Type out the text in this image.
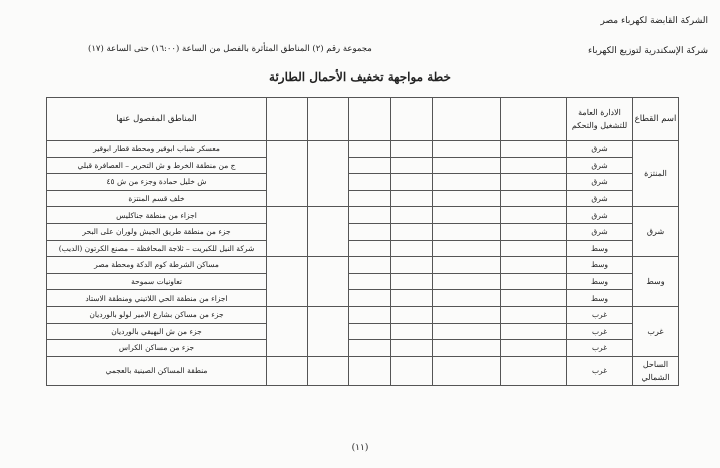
الشركة القابضة لكهرباء مصر
شركة الإسكندرية لتوزيع الكهرباء
مجموعة رقم (٢) المناطق المتأثرة بالفصل من الساعة (١٦:٠٠) حتى الساعة (١٧)
خطة مواجهة تخفيف الأحمال الطارئة
المناطق المفصول عنها							الادارة العامة للتشغيل والتحكم	اسم القطاع
معسكر شباب ابوقير ومحطة قطار ابوقير							شرق	المنتزة
ج من منطقة الخرط و ش التحرير – العصافرة قبلي							شرق	
ش خليل حمادة وجزء من ش ٤٥							شرق	
خلف قسم المنتزة							شرق	
اجزاء من منطقة جناكليس							شرق	شرق
جزء من منطقة طريق الجيش ولوران على البحر							شرق	
شركة النيل للكبريت – ثلاجة المحافظة – مصنع الكرتون (الديب)							وسط	
مساكن الشرطة كوم الدكة ومحطة مصر							وسط	وسط
تعاونيات سموحة							وسط	
اجزاء من منطقة الحي اللاتيني ومنطقة الاستاد							وسط	
جزء من مساكن بشارع الامير لولو بالورديان							غرب	غرب
جزء من ش البهيقي بالورديان							غرب	
جزء من مساكن الكراس							غرب	
منطقة المساكن الصينية بالعجمي							غرب	الساحل الشمالي
(١١)
